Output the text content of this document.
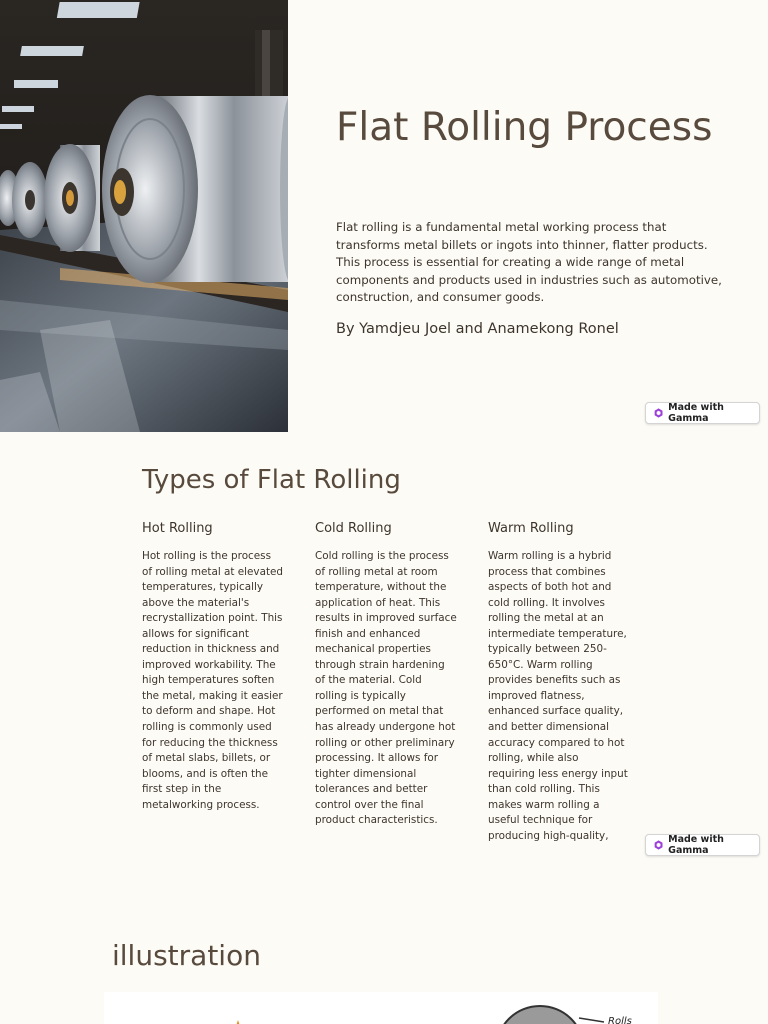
Flat Rolling Process

Flat rolling is a fundamental metal working process that transforms metal billets or ingots into thinner, flatter products. This process is essential for creating a wide range of metal components and products used in industries such as automotive, construction, and consumer goods.

By Yamdjeu Joel and Anamekong Ronel

Made with Gamma
Types of Flat Rolling
Hot Rolling

Hot rolling is the process of rolling metal at elevated temperatures, typically above the material's recrystallization point. This allows for significant reduction in thickness and improved workability. The high temperatures soften the metal, making it easier to deform and shape. Hot rolling is commonly used for reducing the thickness of metal slabs, billets, or blooms, and is often the first step in the metalworking process.

Cold Rolling

Cold rolling is the process of rolling metal at room temperature, without the application of heat. This results in improved surface finish and enhanced mechanical properties through strain hardening of the material. Cold rolling is typically performed on metal that has already undergone hot rolling or other preliminary processing. It allows for tighter dimensional tolerances and better control over the final product characteristics.

Warm Rolling

Warm rolling is a hybrid process that combines aspects of both hot and cold rolling. It involves rolling the metal at an intermediate temperature, typically between 250-650°C. Warm rolling provides benefits such as improved flatness, enhanced surface quality, and better dimensional accuracy compared to hot rolling, while also requiring less energy input than cold rolling. This makes warm rolling a useful technique for producing high-quality,	Made with Gamma
illustration
Rolls
